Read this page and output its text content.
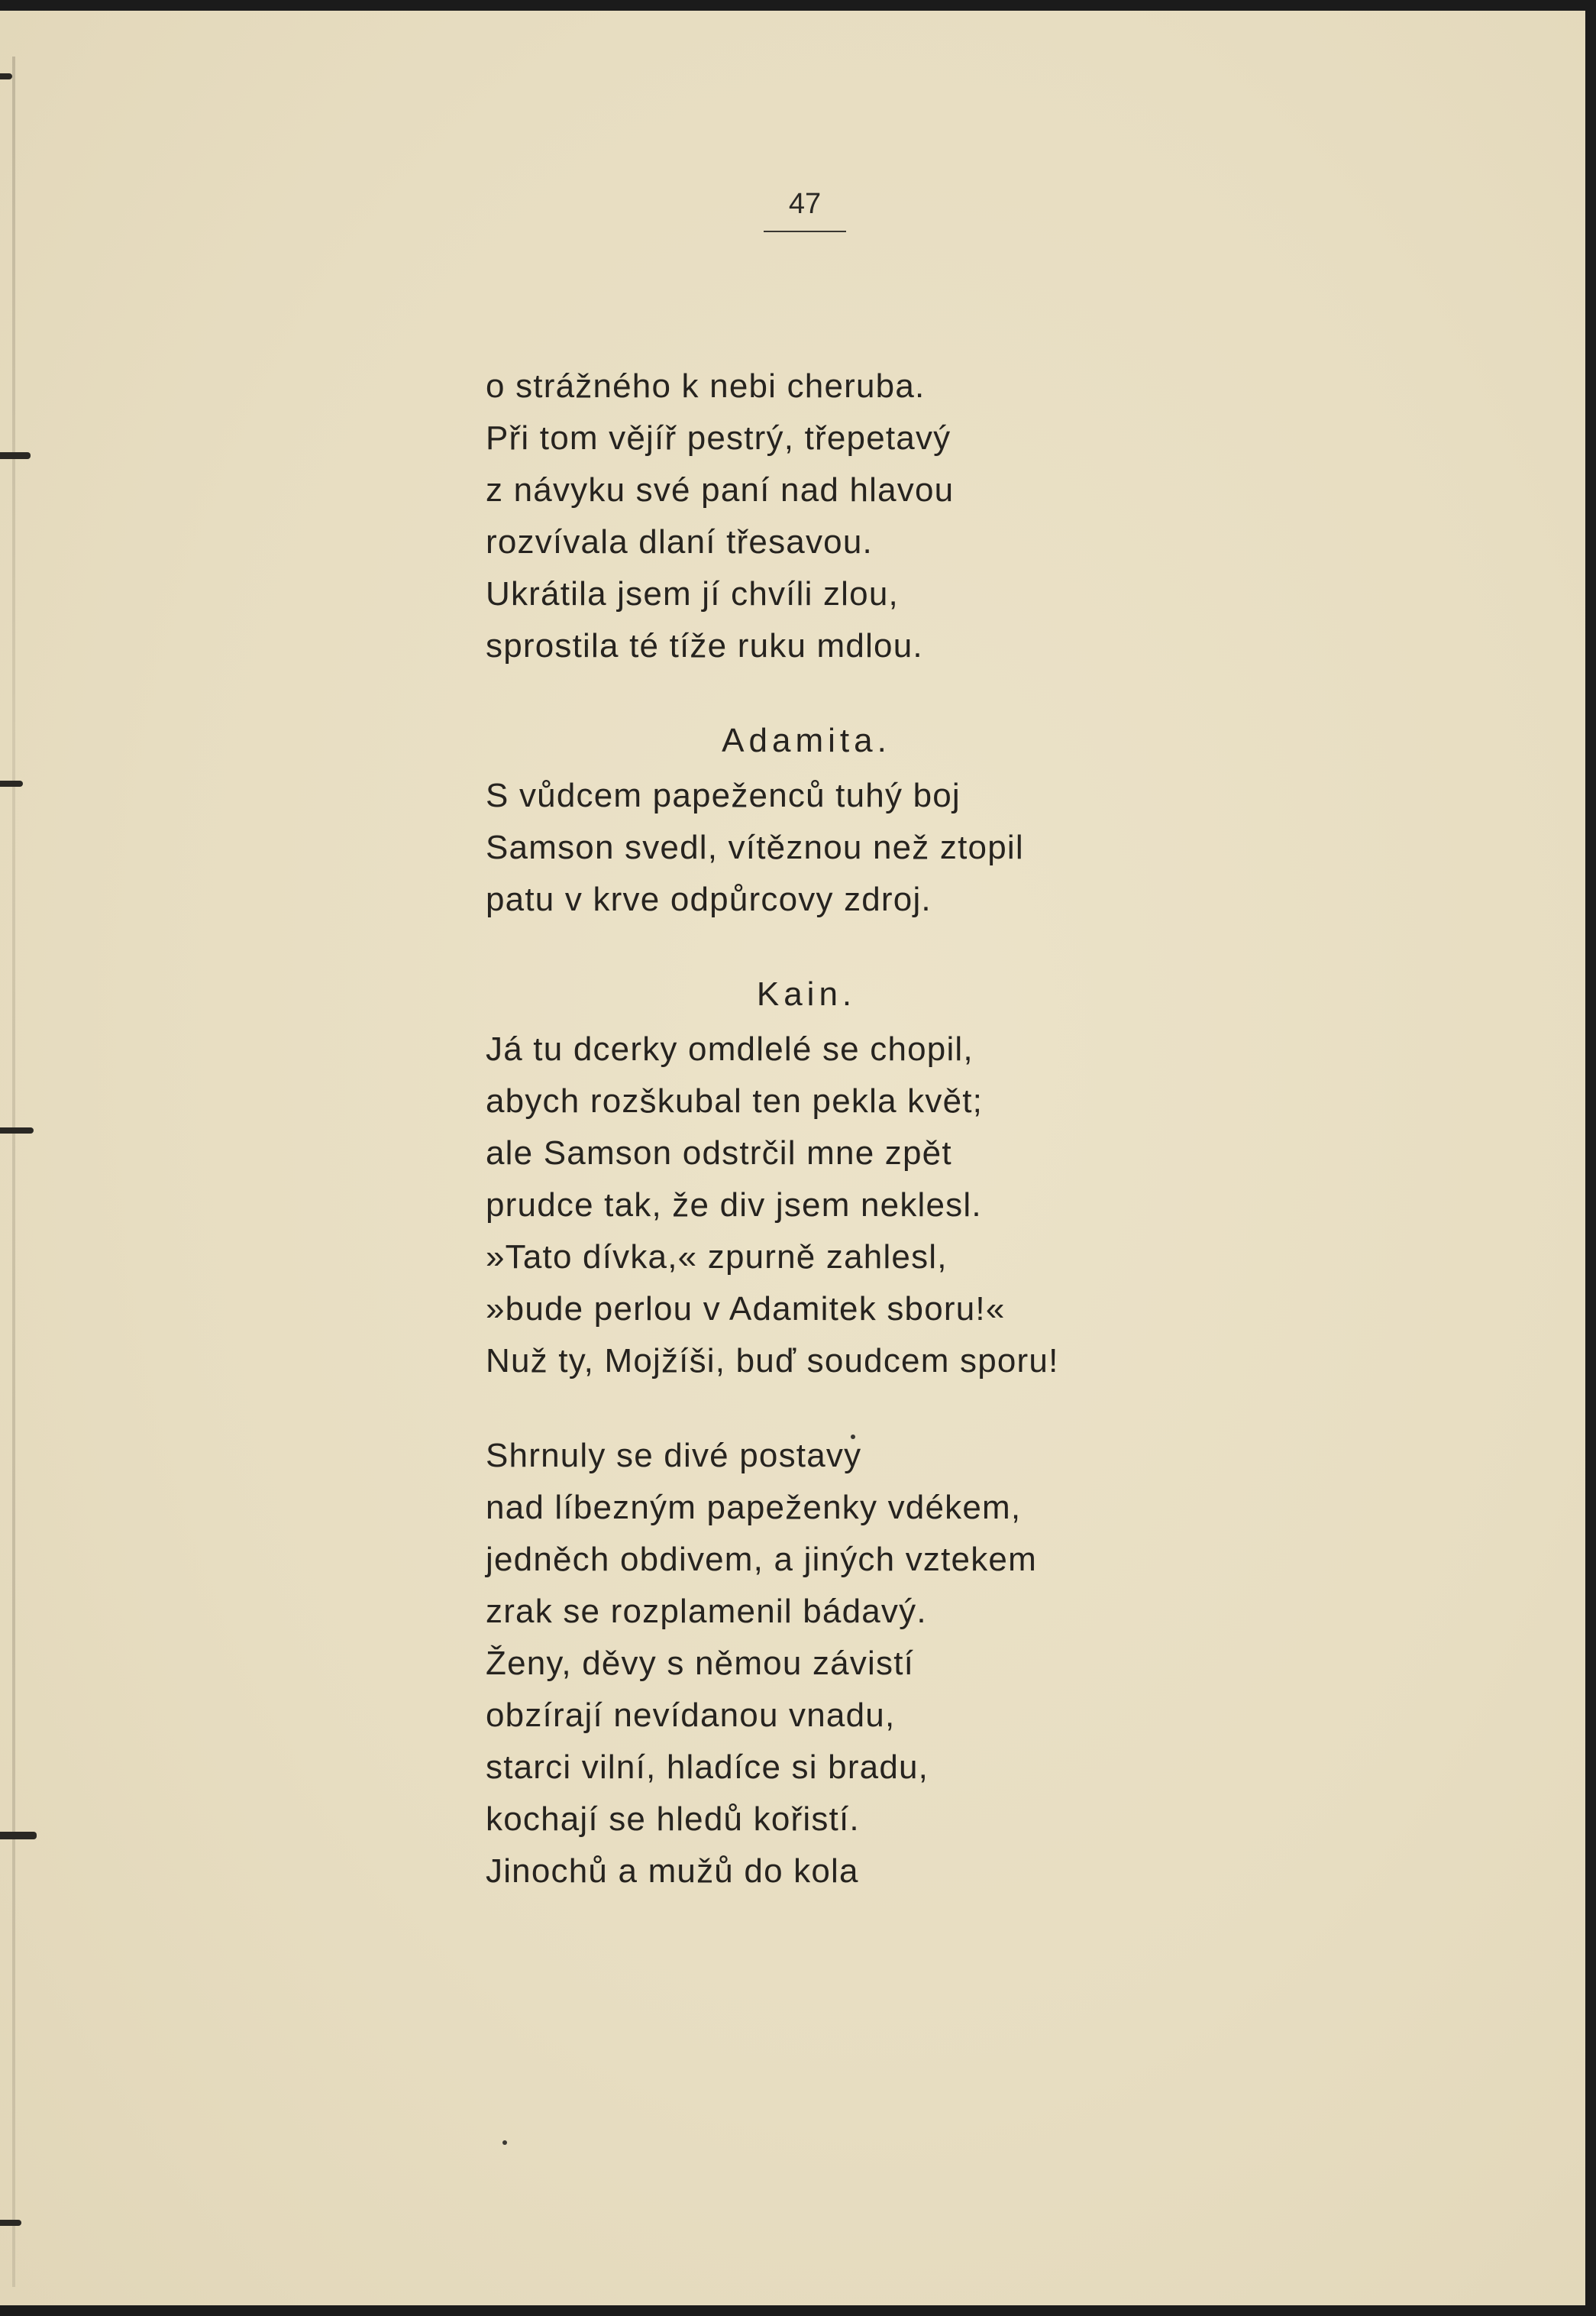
47
o strážného k nebi cheruba.
Při tom vějíř pestrý, třepetavý
z návyku své paní nad hlavou
rozvívala dlaní třesavou.
Ukrátila jsem jí chvíli zlou,
sprostila té tíže ruku mdlou.
Adamita.
S vůdcem papeženců tuhý boj
Samson svedl, vítěznou než ztopil
patu v krve odpůrcovy zdroj.
Kain.
Já tu dcerky omdlelé se chopil,
abych rozškubal ten pekla květ;
ale Samson odstrčil mne zpět
prudce tak, že div jsem neklesl.
»Tato dívka,« zpurně zahlesl,
»bude perlou v Adamitek sboru!«
Nuž ty, Mojžíši, buď soudcem sporu!
Shrnuly se divé postavy
nad líbezným papeženky vdékem,
jedněch obdivem, a jiných vztekem
zrak se rozplamenil bádavý.
Ženy, děvy s němou závistí
obzírají nevídanou vnadu,
starci vilní, hladíce si bradu,
kochají se hledů kořistí.
Jinochů a mužů do kola
